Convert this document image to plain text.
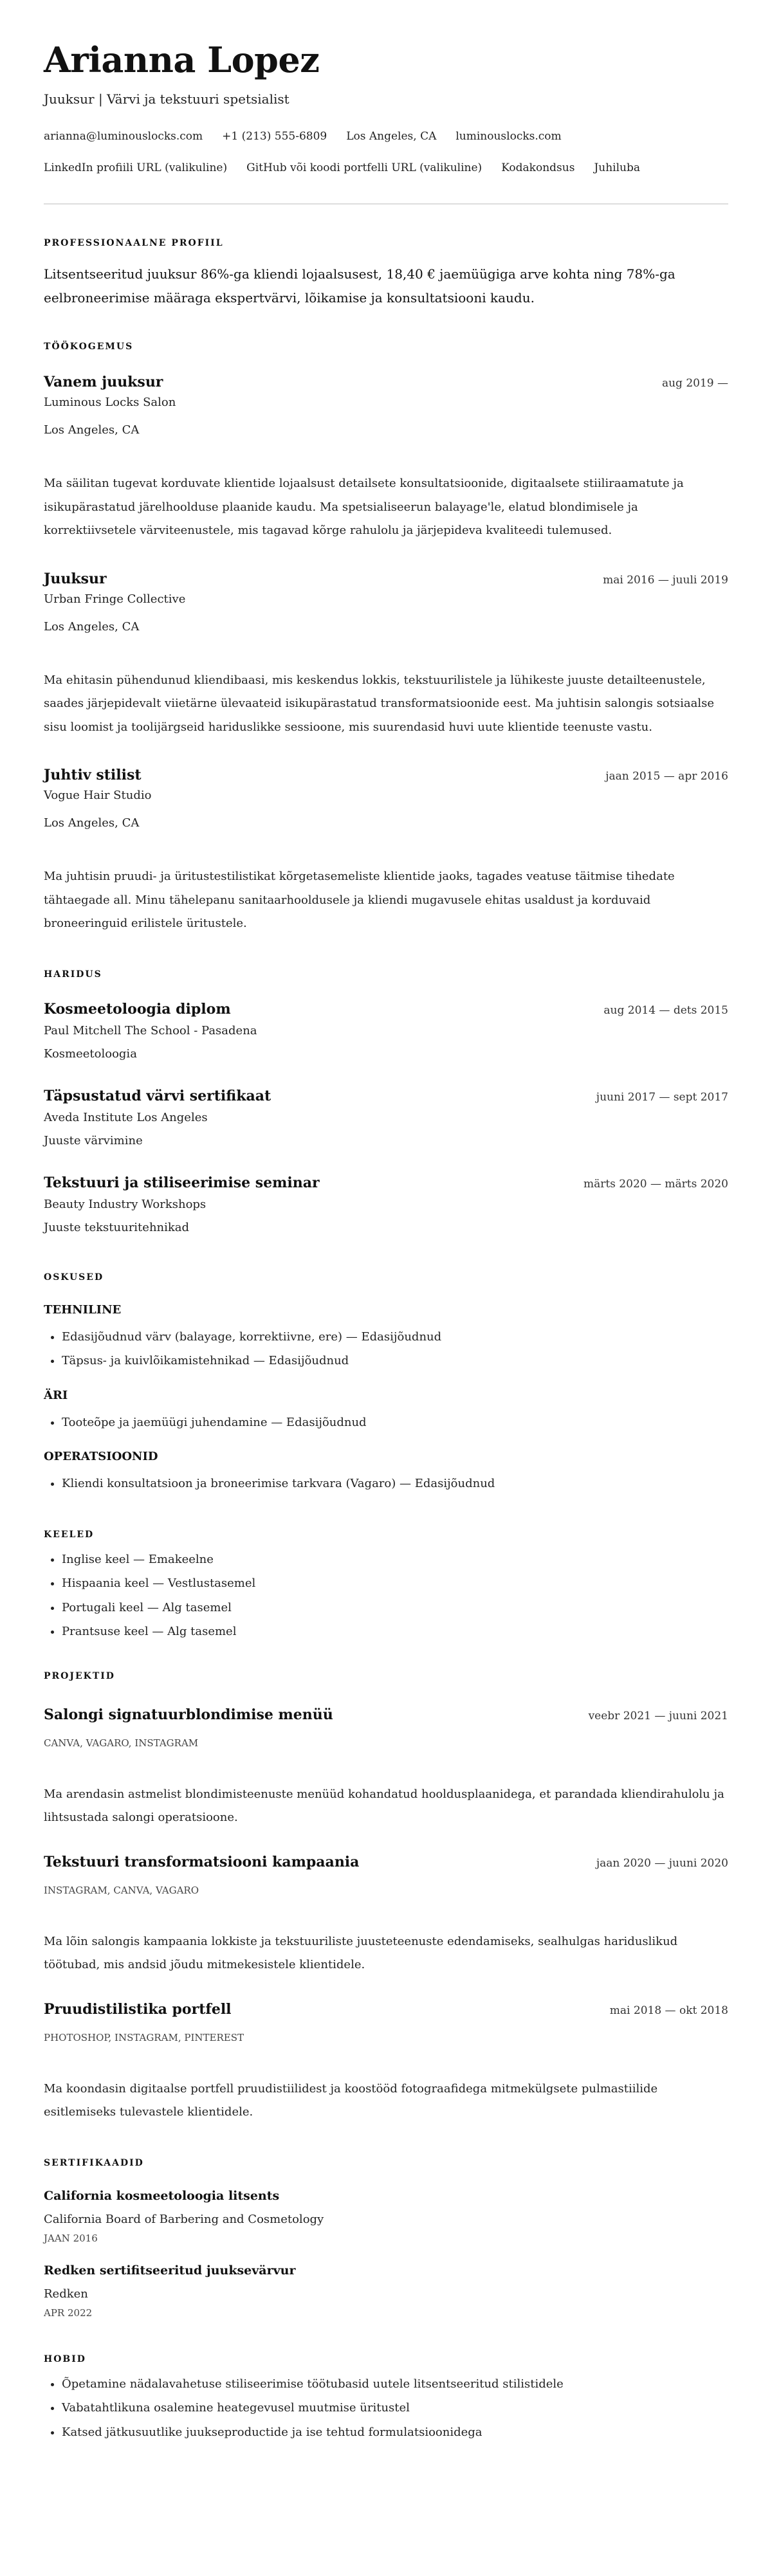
Arianna Lopez
Juuksur | Värvi ja tekstuuri spetsialist
arianna@luminouslocks.com +1 (213) 555-6809 Los Angeles, CA luminouslocks.com
LinkedIn profiili URL (valikuline) GitHub või koodi portfelli URL (valikuline) Kodakondsus Juhiluba
PROFESSIONAALNE PROFIIL
Litsentseeritud juuksur 86%-ga kliendi lojaalsusest, 18,40 € jaemüügiga arve kohta ning 78%-ga eelbroneerimise määraga ekspertvärvi, lõikamise ja konsultatsiooni kaudu.
TÖÖKOGEMUS
Vanem juuksur	aug 2019 —
Luminous Locks Salon
Los Angeles, CA
Ma säilitan tugevat korduvate klientide lojaalsust detailsete konsultatsioonide, digitaalsete stiiliraamatute ja isikupärastatud järelhoolduse plaanide kaudu. Ma spetsialiseerun balayage'le, elatud blondimisele ja korrektiivsetele värviteenustele, mis tagavad kõrge rahulolu ja järjepideva kvaliteedi tulemused.
Juuksur	mai 2016 — juuli 2019
Urban Fringe Collective
Los Angeles, CA
Ma ehitasin pühendunud kliendibaasi, mis keskendus lokkis, tekstuurilistele ja lühikeste juuste detailteenustele, saades järjepidevalt viietärne ülevaateid isikupärastatud transformatsioonide eest. Ma juhtisin salongis sotsiaalse sisu loomist ja toolijärgseid hariduslikke sessioone, mis suurendasid huvi uute klientide teenuste vastu.
Juhtiv stilist	jaan 2015 — apr 2016
Vogue Hair Studio
Los Angeles, CA
Ma juhtisin pruudi- ja üritustestilistikat kõrgetasemeliste klientide jaoks, tagades veatuse täitmise tihedate tähtaegade all. Minu tähelepanu sanitaarhooldusele ja kliendi mugavusele ehitas usaldust ja korduvaid broneeringuid erilistele üritustele.
HARIDUS
Kosmeetoloogia diplom	aug 2014 — dets 2015
Paul Mitchell The School - Pasadena
Kosmeetoloogia
Täpsustatud värvi sertifikaat	juuni 2017 — sept 2017
Aveda Institute Los Angeles
Juuste värvimine
Tekstuuri ja stiliseerimise seminar	märts 2020 — märts 2020
Beauty Industry Workshops
Juuste tekstuuritehnikad
OSKUSED
TEHNILINE
• Edasijõudnud värv (balayage, korrektiivne, ere) — Edasijõudnud
• Täpsus- ja kuivlõikamistehnikad — Edasijõudnud
ÄRI
• Tooteõpe ja jaemüügi juhendamine — Edasijõudnud
OPERATSIOONID
• Kliendi konsultatsioon ja broneerimise tarkvara (Vagaro) — Edasijõudnud
KEELED
• Inglise keel — Emakeelne
• Hispaania keel — Vestlustasemel
• Portugali keel — Alg tasemel
• Prantsuse keel — Alg tasemel
PROJEKTID
Salongi signatuurblondimise menüü	veebr 2021 — juuni 2021
CANVA, VAGARO, INSTAGRAM
Ma arendasin astmelist blondimisteenuste menüüd kohandatud hooldusplaanidega, et parandada kliendirahulolu ja lihtsustada salongi operatsioone.
Tekstuuri transformatsiooni kampaania	jaan 2020 — juuni 2020
INSTAGRAM, CANVA, VAGARO
Ma lõin salongis kampaania lokkiste ja tekstuuriliste juusteteenuste edendamiseks, sealhulgas hariduslikud töötubad, mis andsid jõudu mitmekesistele klientidele.
Pruudistilistika portfell	mai 2018 — okt 2018
PHOTOSHOP, INSTAGRAM, PINTEREST
Ma koondasin digitaalse portfell pruudistiilidest ja koostööd fotograafidega mitmekülgsete pulmastiilide esitlemiseks tulevastele klientidele.
SERTIFIKAADID
California kosmeetoloogia litsents
California Board of Barbering and Cosmetology
JAAN 2016
Redken sertifitseeritud juuksevärvur
Redken
APR 2022
HOBID
• Õpetamine nädalavahetuse stiliseerimise töötubasid uutele litsentseeritud stilistidele
• Vabatahtlikuna osalemine heategevusel muutmise üritustel
• Katsed jätkusuutlike juukseproductide ja ise tehtud formulatsioonidega
